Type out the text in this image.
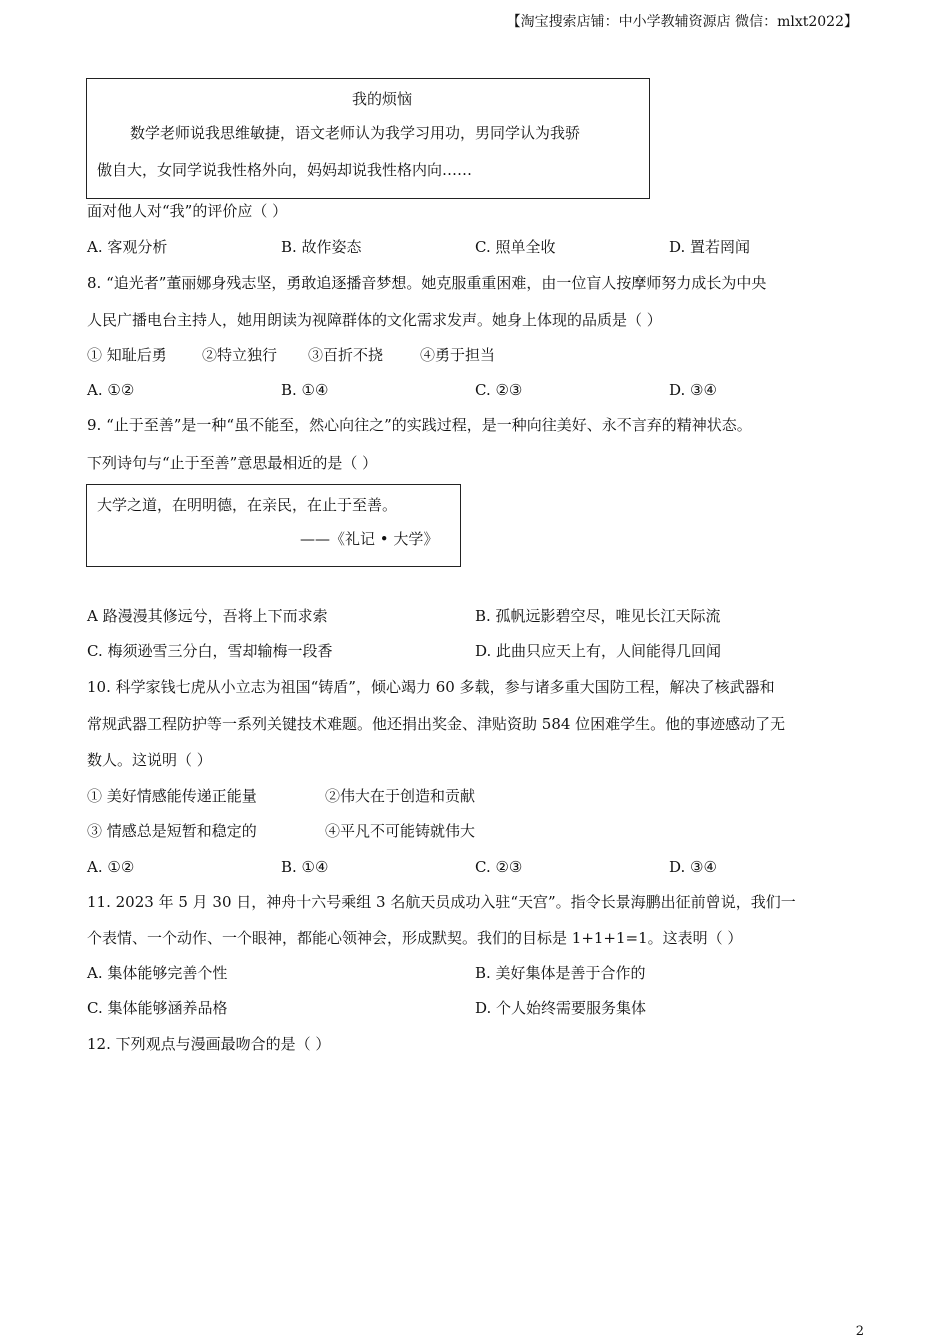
【淘宝搜索店铺：中小学教辅资源店 微信：mlxt2022】
我的烦恼
数学老师说我思维敏捷，语文老师认为我学习用功，男同学认为我骄
傲自大，女同学说我性格外向，妈妈却说我性格内向……
面对他人对“我”的评价应（ ）
A. 客观分析	B. 故作姿态	C. 照单全收	D. 置若罔闻
8. “追光者”董丽娜身残志坚，勇敢追逐播音梦想。她克服重重困难，由一位盲人按摩师努力成长为中央
人民广播电台主持人，她用朗读为视障群体的文化需求发声。她身上体现的品质是（ ）
① 知耻后勇 ②特立独行 ③百折不挠 ④勇于担当
A. ①②	B. ①④	C. ②③	D. ③④
9. “止于至善”是一种“虽不能至，然心向往之”的实践过程，是一种向往美好、永不言弃的精神状态。
下列诗句与“止于至善”意思最相近的是（ ）
大学之道，在明明德，在亲民，在止于至善。
——《礼记 • 大学》
A 路漫漫其修远兮，吾将上下而求索	B. 孤帆远影碧空尽，唯见长江天际流
C. 梅须逊雪三分白，雪却输梅一段香	D. 此曲只应天上有，人间能得几回闻
10. 科学家钱七虎从小立志为祖国“铸盾”，倾心竭力 60 多载，参与诸多重大国防工程，解决了核武器和
常规武器工程防护等一系列关键技术难题。他还捐出奖金、津贴资助 584 位困难学生。他的事迹感动了无
数人。这说明（ ）
① 美好情感能传递正能量	②伟大在于创造和贡献
③ 情感总是短暂和稳定的	④平凡不可能铸就伟大
A. ①②	B. ①④	C. ②③	D. ③④
11. 2023 年 5 月 30 日，神舟十六号乘组 3 名航天员成功入驻“天宫”。指令长景海鹏出征前曾说，我们一
个表情、一个动作、一个眼神，都能心领神会，形成默契。我们的目标是 1+1+1=1。这表明（ ）
A. 集体能够完善个性	B. 美好集体是善于合作的
C. 集体能够涵养品格	D. 个人始终需要服务集体
12. 下列观点与漫画最吻合的是（ ）
2
